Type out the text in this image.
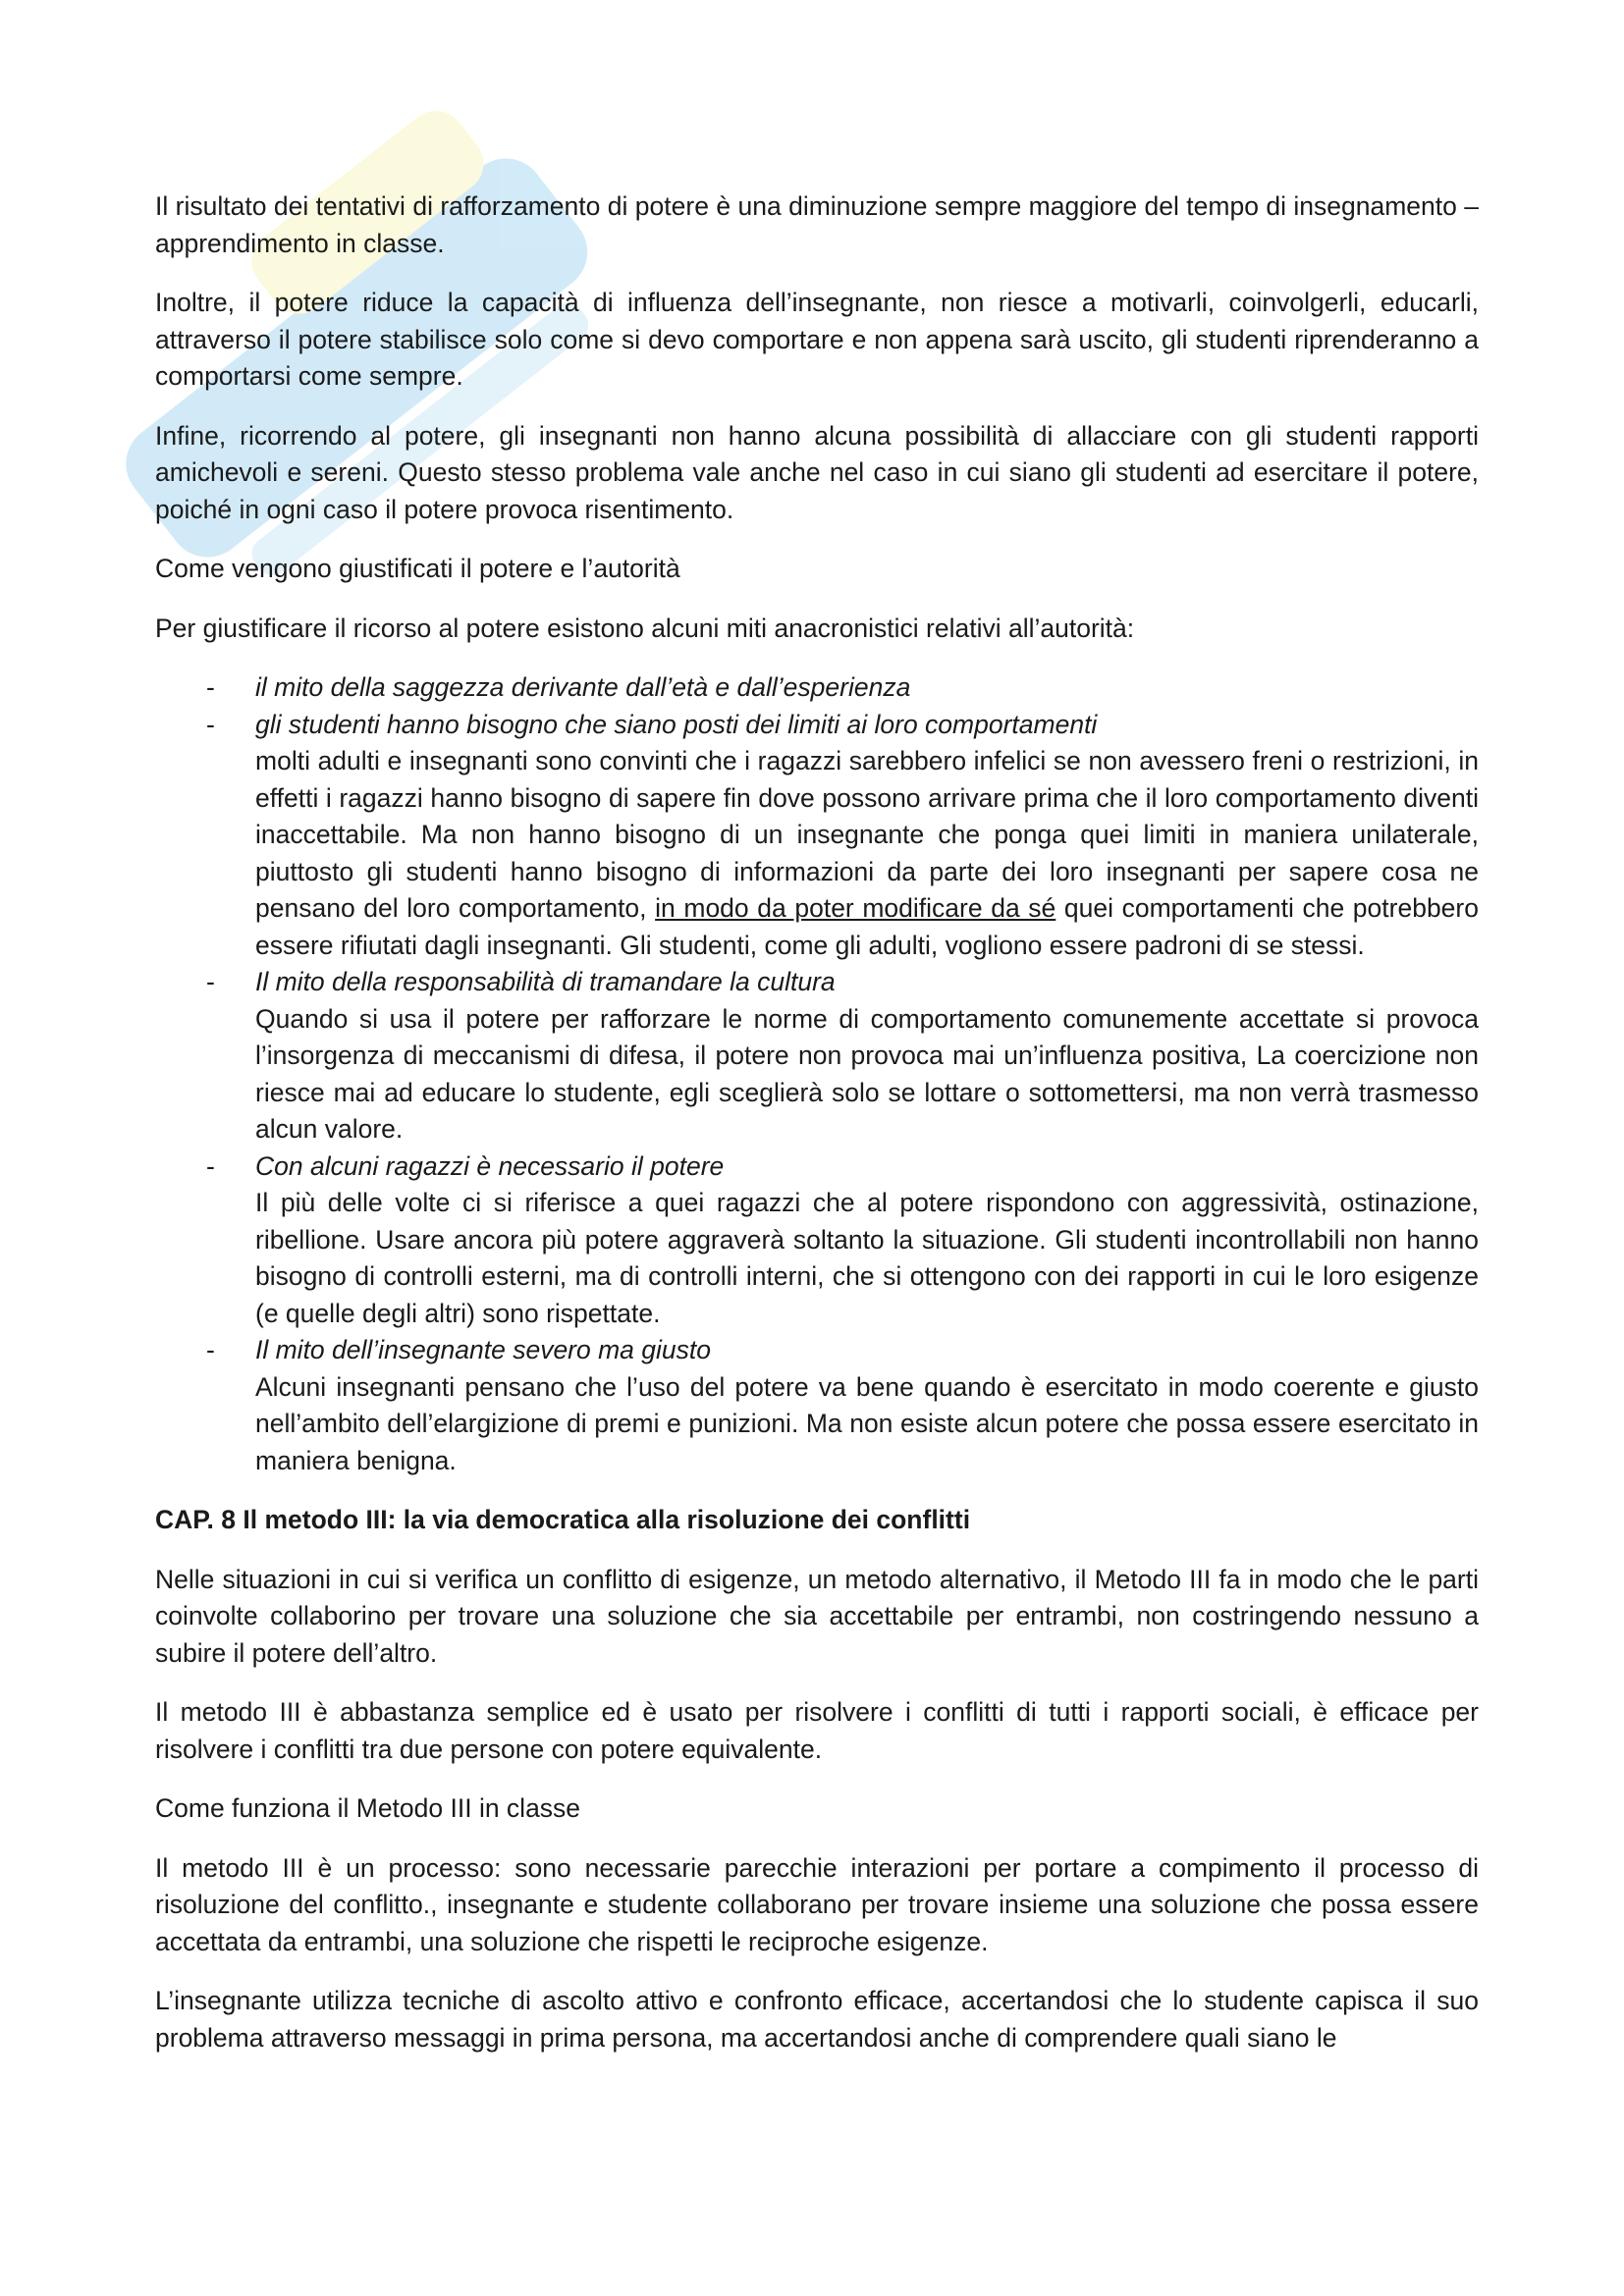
Il risultato dei tentativi di rafforzamento di potere è una diminuzione sempre maggiore del tempo di insegnamento – apprendimento in classe.

Inoltre, il potere riduce la capacità di influenza dell’insegnante, non riesce a motivarli, coinvolgerli, educarli, attraverso il potere stabilisce solo come si devo comportare e non appena sarà uscito, gli studenti riprenderanno a comportarsi come sempre.

Infine, ricorrendo al potere, gli insegnanti non hanno alcuna possibilità di allacciare con gli studenti rapporti amichevoli e sereni. Questo stesso problema vale anche nel caso in cui siano gli studenti ad esercitare il potere, poiché in ogni caso il potere provoca risentimento.

Come vengono giustificati il potere e l’autorità

Per giustificare il ricorso al potere esistono alcuni miti anacronistici relativi all’autorità:

- il mito della saggezza derivante dall’età e dall’esperienza
- gli studenti hanno bisogno che siano posti dei limiti ai loro comportamenti
molti adulti e insegnanti sono convinti che i ragazzi sarebbero infelici se non avessero freni o restrizioni, in effetti i ragazzi hanno bisogno di sapere fin dove possono arrivare prima che il loro comportamento diventi inaccettabile. Ma non hanno bisogno di un insegnante che ponga quei limiti in maniera unilaterale, piuttosto gli studenti hanno bisogno di informazioni da parte dei loro insegnanti per sapere cosa ne pensano del loro comportamento, in modo da poter modificare da sé quei comportamenti che potrebbero essere rifiutati dagli insegnanti. Gli studenti, come gli adulti, vogliono essere padroni di se stessi.
- Il mito della responsabilità di tramandare la cultura
Quando si usa il potere per rafforzare le norme di comportamento comunemente accettate si provoca l’insorgenza di meccanismi di difesa, il potere non provoca mai un’influenza positiva, La coercizione non riesce mai ad educare lo studente, egli sceglierà solo se lottare o sottomettersi, ma non verrà trasmesso alcun valore.
- Con alcuni ragazzi è necessario il potere
Il più delle volte ci si riferisce a quei ragazzi che al potere rispondono con aggressività, ostinazione, ribellione. Usare ancora più potere aggraverà soltanto la situazione. Gli studenti incontrollabili non hanno bisogno di controlli esterni, ma di controlli interni, che si ottengono con dei rapporti in cui le loro esigenze (e quelle degli altri) sono rispettate.
- Il mito dell’insegnante severo ma giusto
Alcuni insegnanti pensano che l’uso del potere va bene quando è esercitato in modo coerente e giusto nell’ambito dell’elargizione di premi e punizioni. Ma non esiste alcun potere che possa essere esercitato in maniera benigna.

CAP. 8 Il metodo III: la via democratica alla risoluzione dei conflitti

Nelle situazioni in cui si verifica un conflitto di esigenze, un metodo alternativo, il Metodo III fa in modo che le parti coinvolte collaborino per trovare una soluzione che sia accettabile per entrambi, non costringendo nessuno a subire il potere dell’altro.

Il metodo III è abbastanza semplice ed è usato per risolvere i conflitti di tutti i rapporti sociali, è efficace per risolvere i conflitti tra due persone con potere equivalente.

Come funziona il Metodo III in classe

Il metodo III è un processo: sono necessarie parecchie interazioni per portare a compimento il processo di risoluzione del conflitto., insegnante e studente collaborano per trovare insieme una soluzione che possa essere accettata da entrambi, una soluzione che rispetti le reciproche esigenze.

L’insegnante utilizza tecniche di ascolto attivo e confronto efficace, accertandosi che lo studente capisca il suo problema attraverso messaggi in prima persona, ma accertandosi anche di comprendere quali siano le
